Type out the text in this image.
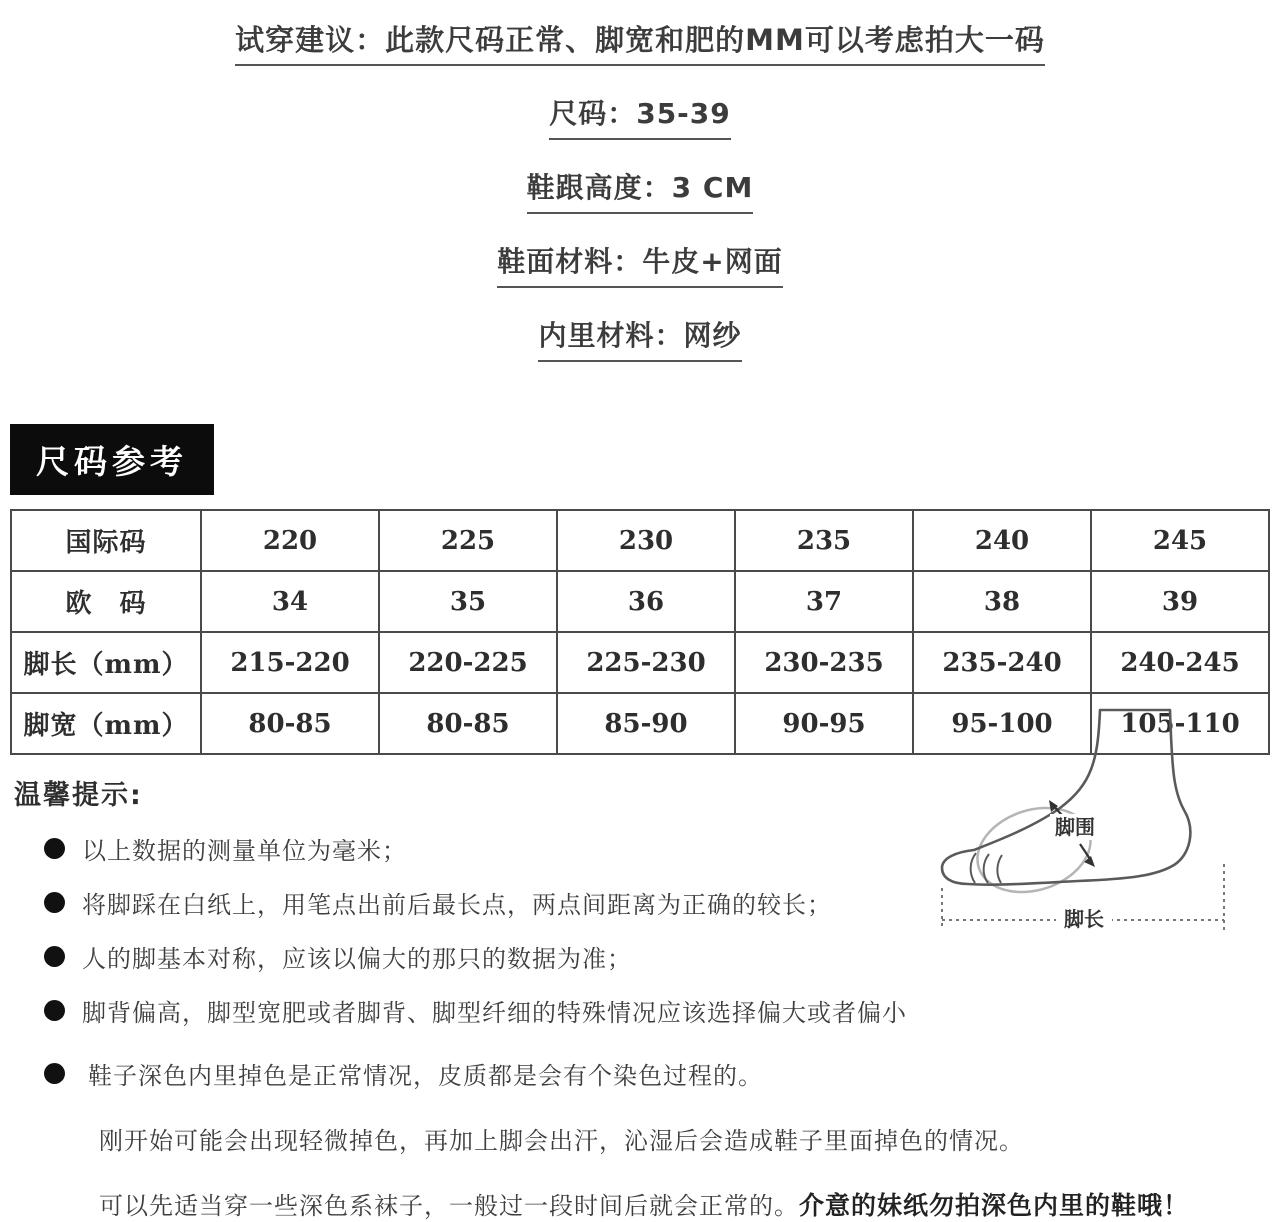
试穿建议：此款尺码正常、脚宽和肥的MM可以考虑拍大一码
尺码：35-39
鞋跟高度：3 CM
鞋面材料：牛皮+网面
内里材料：网纱
尺码参考
国际码	220	225	230	235	240	245
欧　码	34	35	36	37	38	39
脚长（mm）	215-220	220-225	225-230	230-235	235-240	240-245
脚宽（mm）	80-85	80-85	85-90	90-95	95-100	105-110
温馨提示:
以上数据的测量单位为毫米；
将脚踩在白纸上，用笔点出前后最长点，两点间距离为正确的较长；
人的脚基本对称，应该以偏大的那只的数据为准；
脚背偏高，脚型宽肥或者脚背、脚型纤细的特殊情况应该选择偏大或者偏小
鞋子深色内里掉色是正常情况，皮质都是会有个染色过程的。
刚开始可能会出现轻微掉色，再加上脚会出汗，沁湿后会造成鞋子里面掉色的情况。
可以先适当穿一些深色系袜子，一般过一段时间后就会正常的。介意的妹纸勿拍深色内里的鞋哦！
脚围
脚长
